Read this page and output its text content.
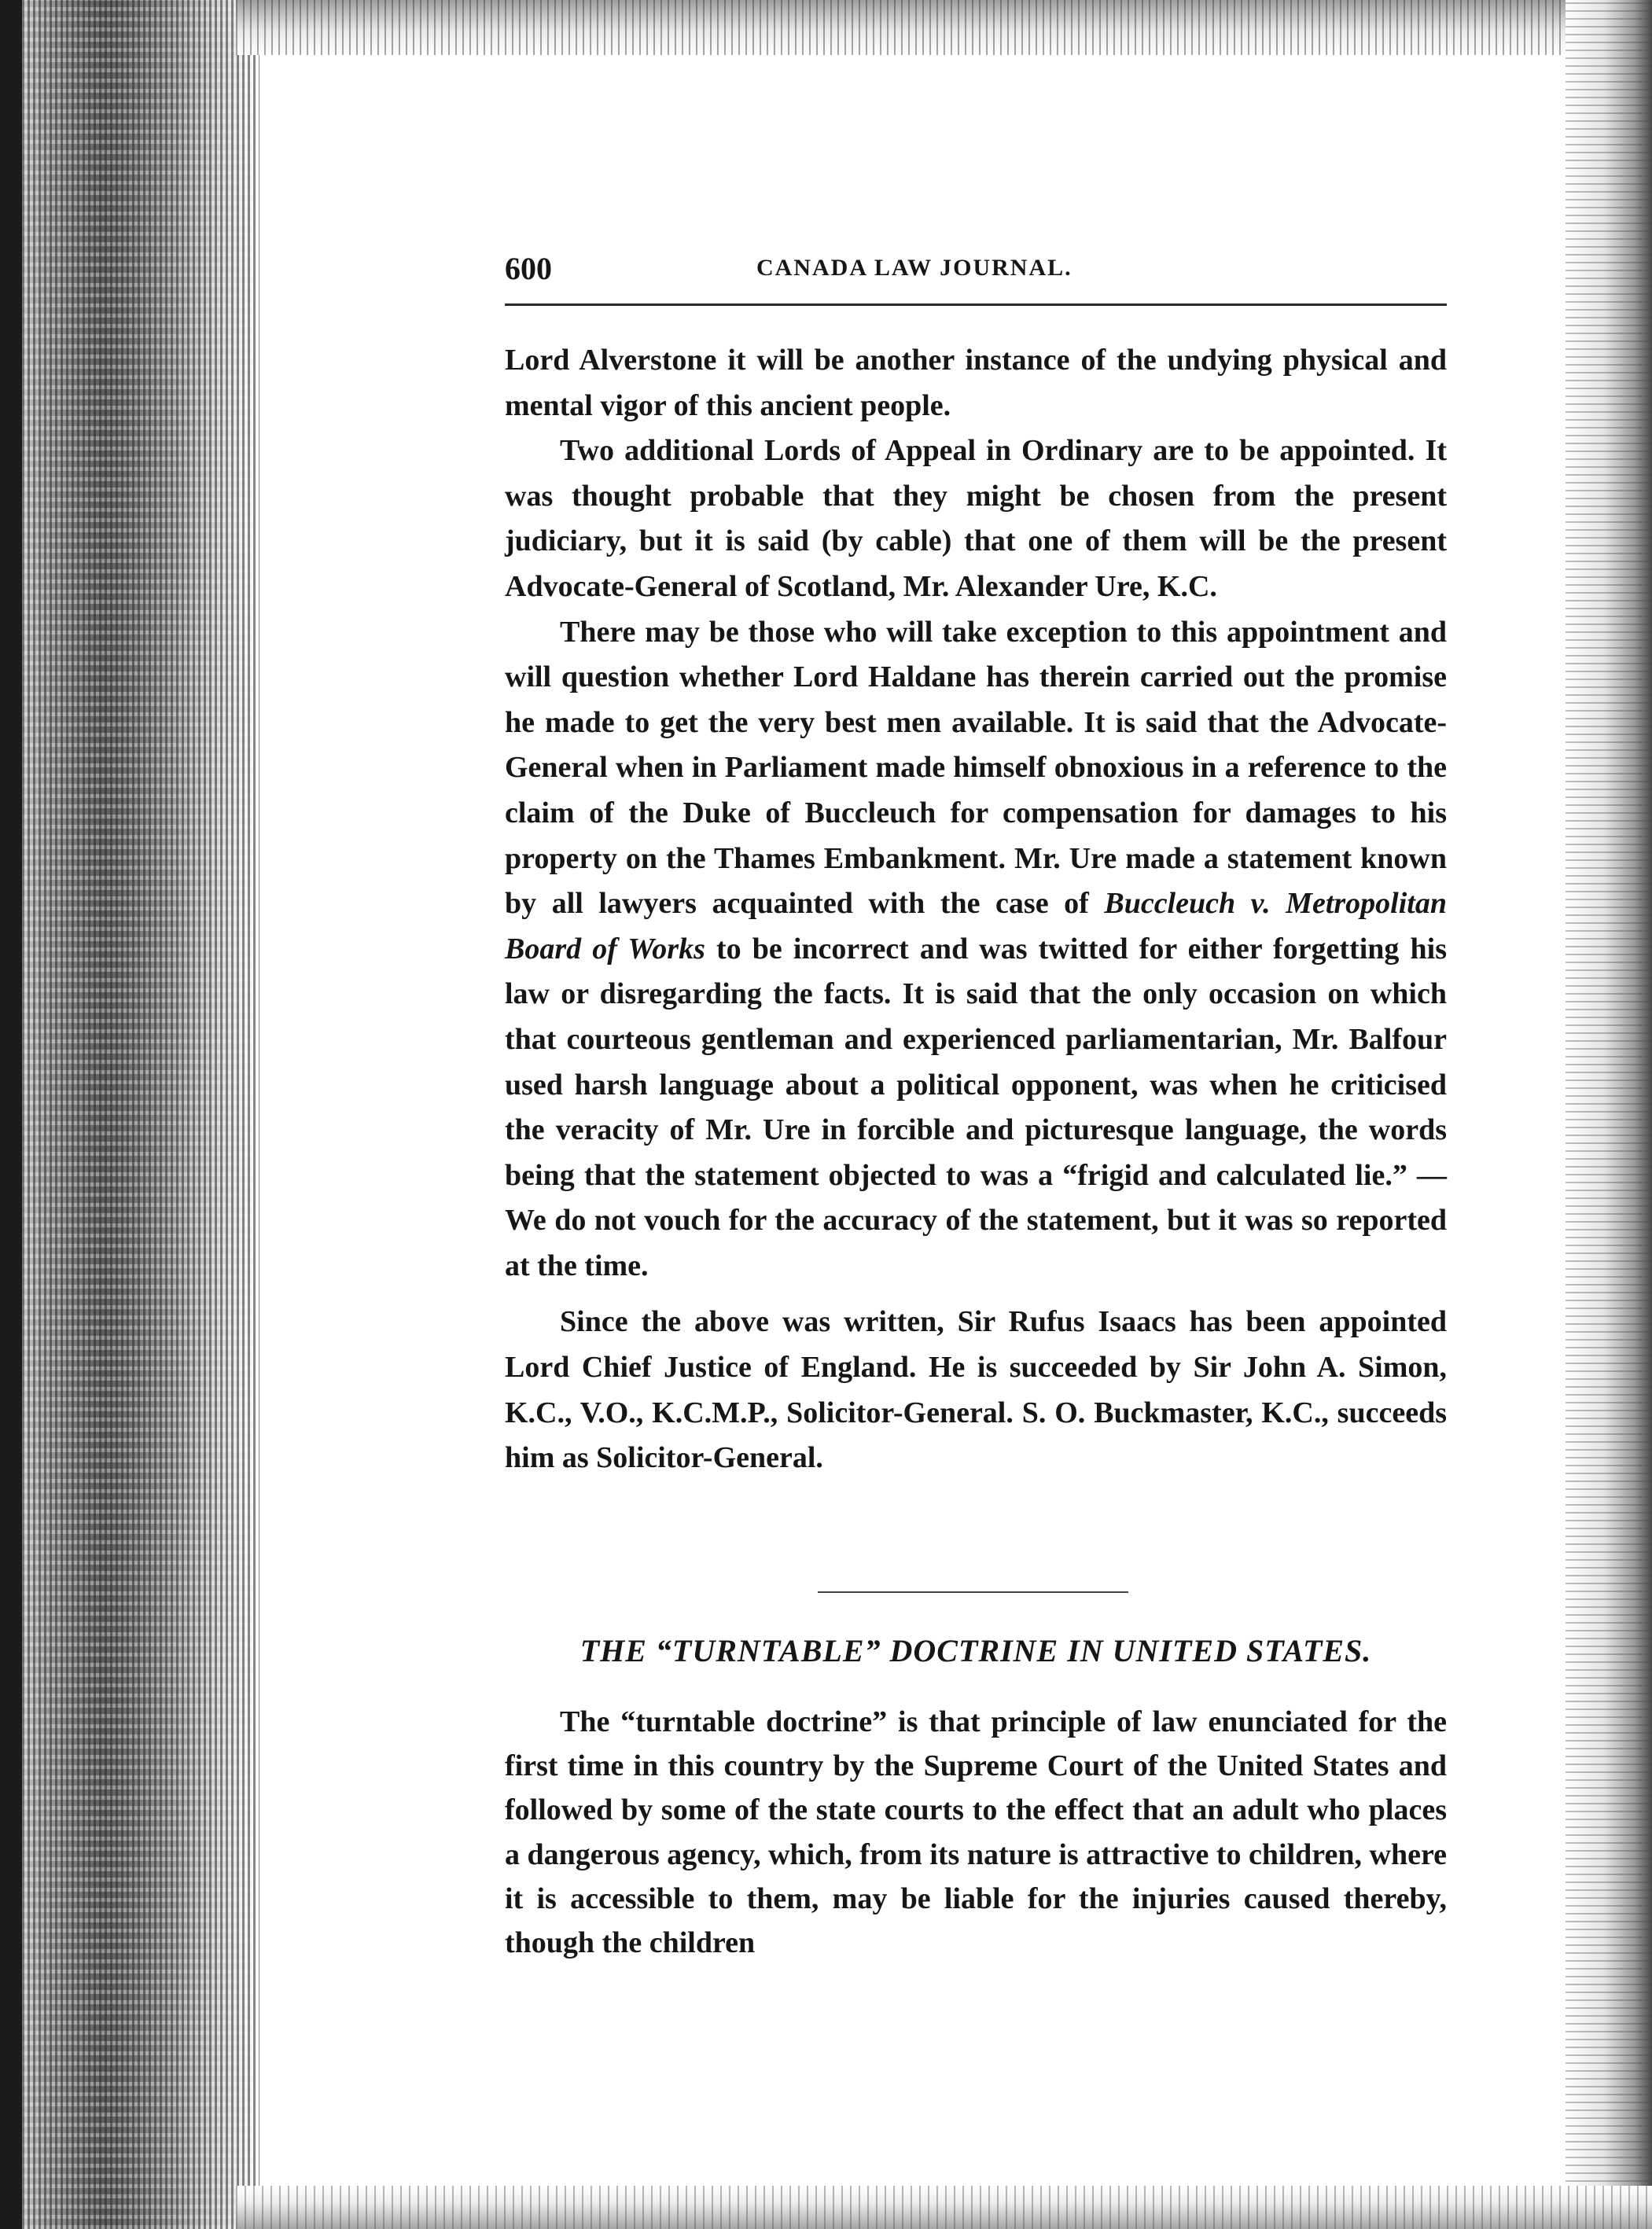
600	CANADA LAW JOURNAL.

Lord Alverstone it will be another instance of the undying physical and mental vigor of this ancient people.

Two additional Lords of Appeal in Ordinary are to be appointed. It was thought probable that they might be chosen from the present judiciary, but it is said (by cable) that one of them will be the present Advocate-General of Scotland, Mr. Alexander Ure, K.C.

There may be those who will take exception to this appointment and will question whether Lord Haldane has therein carried out the promise he made to get the very best men available. It is said that the Advocate-General when in Parliament made himself obnoxious in a reference to the claim of the Duke of Buccleuch for compensation for damages to his property on the Thames Embankment. Mr. Ure made a statement known by all lawyers acquainted with the case of Buccleuch v. Metropolitan Board of Works to be incorrect and was twitted for either forgetting his law or disregarding the facts. It is said that the only occasion on which that courteous gentleman and experienced parliamentarian, Mr. Balfour used harsh language about a political opponent, was when he criticised the veracity of Mr. Ure in forcible and picturesque language, the words being that the statement objected to was a “frigid and calculated lie.” —We do not vouch for the accuracy of the statement, but it was so reported at the time.

Since the above was written, Sir Rufus Isaacs has been appointed Lord Chief Justice of England. He is succeeded by Sir John A. Simon, K.C., V.O., K.C.M.P., Solicitor-General. S. O. Buckmaster, K.C., succeeds him as Solicitor-General.

THE “TURNTABLE” DOCTRINE IN UNITED STATES.

The “turntable doctrine” is that principle of law enunciated for the first time in this country by the Supreme Court of the United States and followed by some of the state courts to the effect that an adult who places a dangerous agency, which, from its nature is attractive to children, where it is accessible to them, may be liable for the injuries caused thereby, though the children
